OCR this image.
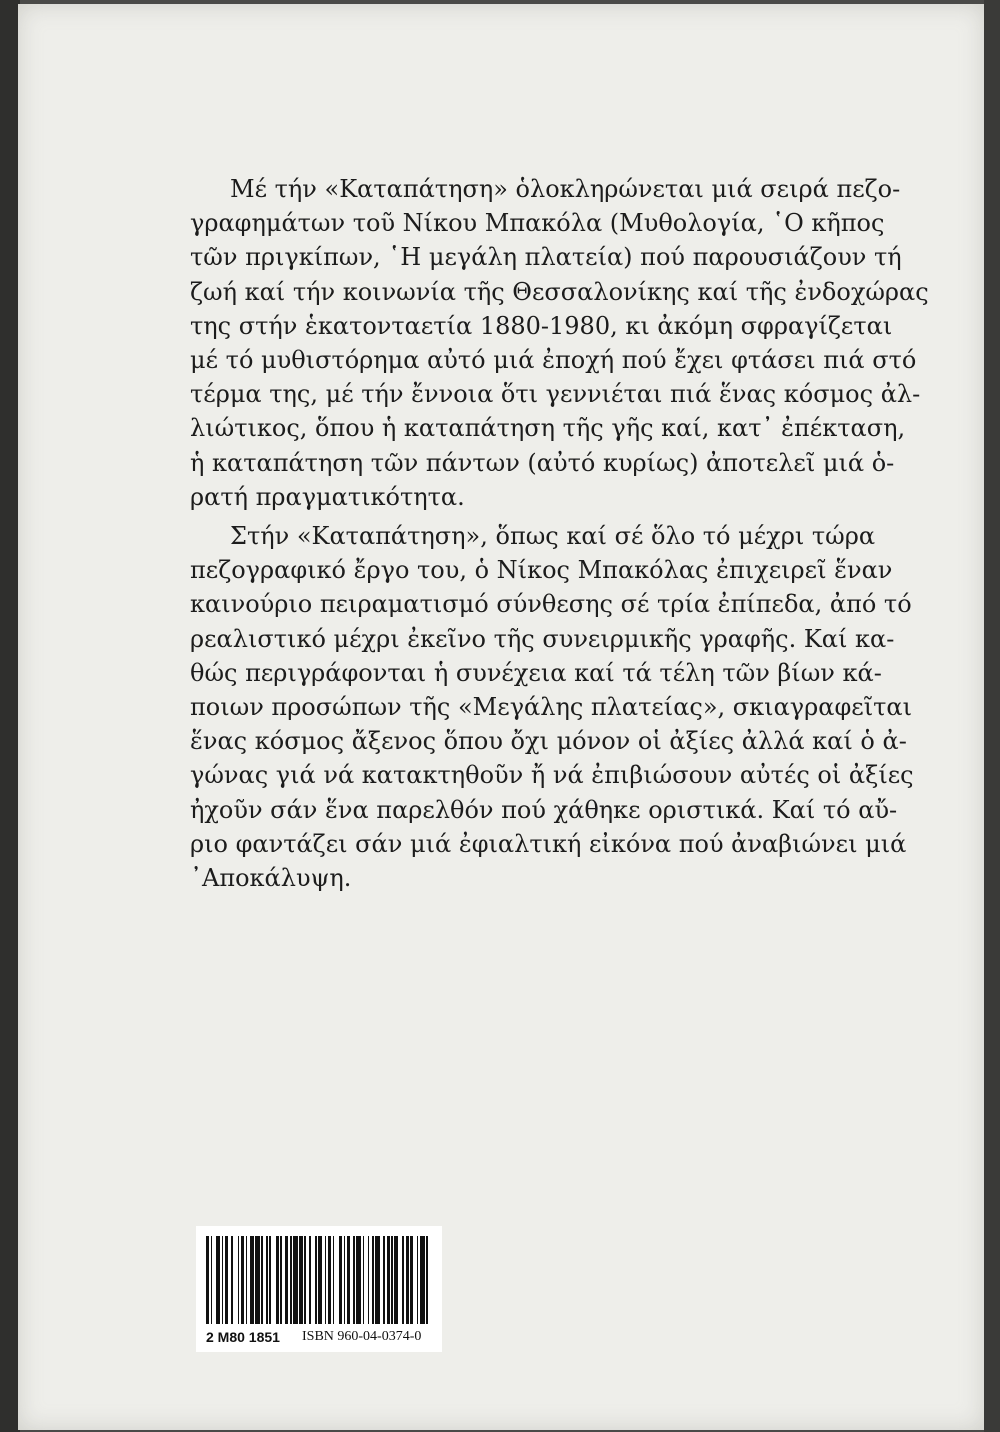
Μέ τήν «Καταπάτηση» ὁλοκληρώνεται μιά σειρά πεζο-
γραφημάτων τοῦ Νίκου Μπακόλα (Μυθολογία, ῾Ο κῆπος
τῶν πριγκίπων, ῾Η μεγάλη πλατεία) πού παρουσιάζουν τή
ζωή καί τήν κοινωνία τῆς Θεσσαλονίκης καί τῆς ἐνδοχώρας
της στήν ἑκατονταετία 1880-1980, κι ἀκόμη σφραγίζεται
μέ τό μυθιστόρημα αὐτό μιά ἐποχή πού ἔχει φτάσει πιά στό
τέρμα της, μέ τήν ἔννοια ὅτι γεννιέται πιά ἕνας κόσμος ἀλ-
λιώτικος, ὅπου ἡ καταπάτηση τῆς γῆς καί, κατ᾽ ἐπέκταση,
ἡ καταπάτηση τῶν πάντων (αὐτό κυρίως) ἀποτελεῖ μιά ὁ-
ρατή πραγματικότητα.
Στήν «Καταπάτηση», ὅπως καί σέ ὅλο τό μέχρι τώρα
πεζογραφικό ἔργο του, ὁ Νίκος Μπακόλας ἐπιχειρεῖ ἕναν
καινούριο πειραματισμό σύνθεσης σέ τρία ἐπίπεδα, ἀπό τό
ρεαλιστικό μέχρι ἐκεῖνο τῆς συνειρμικῆς γραφῆς. Καί κα-
θώς περιγράφονται ἡ συνέχεια καί τά τέλη τῶν βίων κά-
ποιων προσώπων τῆς «Μεγάλης πλατείας», σκιαγραφεῖται
ἕνας κόσμος ἄξενος ὅπου ὄχι μόνον οἱ ἀξίες ἀλλά καί ὁ ἀ-
γώνας γιά νά κατακτηθοῦν ἤ νά ἐπιβιώσουν αὐτές οἱ ἀξίες
ἠχοῦν σάν ἕνα παρελθόν πού χάθηκε οριστικά. Καί τό αὔ-
ριο φαντάζει σάν μιά ἐφιαλτική εἰκόνα πού ἀναβιώνει μιά
᾽Αποκάλυψη.
2 M80 1851 ISBN 960-04-0374-0
